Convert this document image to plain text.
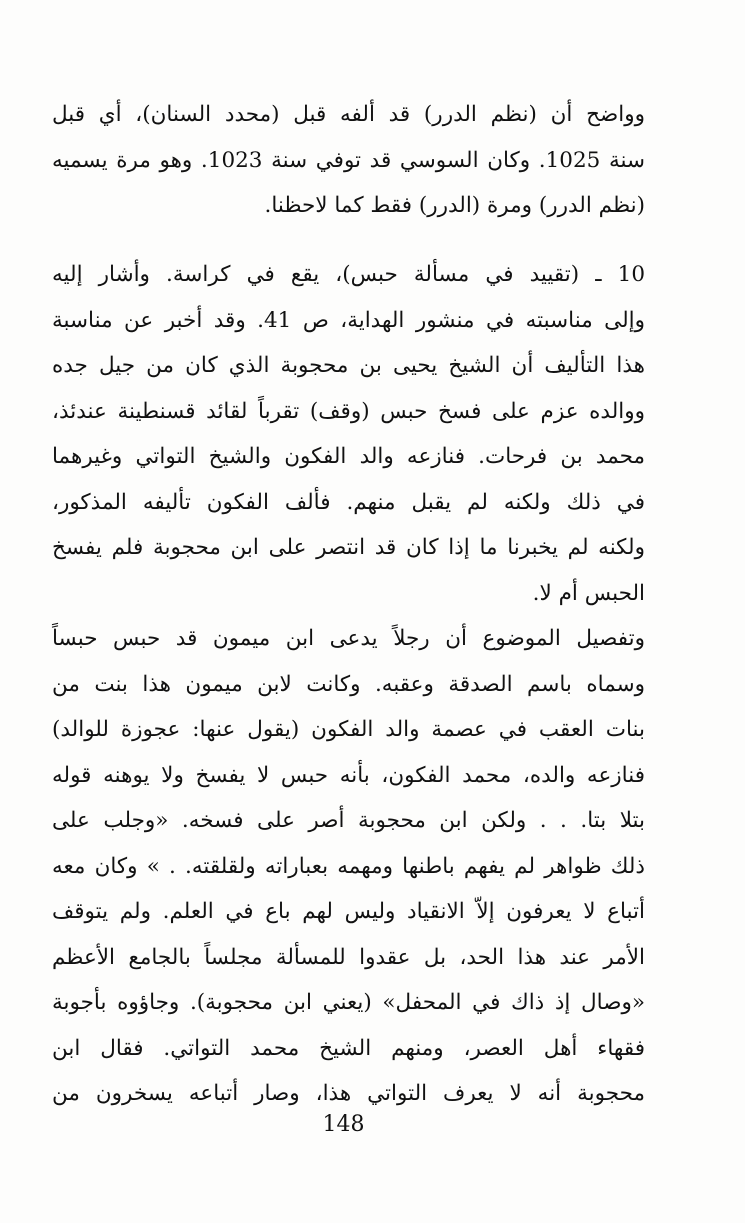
وواضح أن (نظم الدرر) قد ألفه قبل (محدد السنان)، أي قبل
سنة 1025. وكان السوسي قد توفي سنة 1023. وهو مرة يسميه
(نظم الدرر) ومرة (الدرر) فقط كما لاحظنا.
10 ـ (تقييد في مسألة حبس)، يقع في كراسة. وأشار إليه
وإلى مناسبته في منشور الهداية، ص 41. وقد أخبر عن مناسبة
هذا التأليف أن الشيخ يحيى بن محجوبة الذي كان من جيل جده
ووالده عزم على فسخ حبس (وقف) تقرباً لقائد قسنطينة عندئذ،
محمد بن فرحات. فنازعه والد الفكون والشيخ التواتي وغيرهما
في ذلك ولكنه لم يقبل منهم. فألف الفكون تأليفه المذكور،
ولكنه لم يخبرنا ما إذا كان قد انتصر على ابن محجوبة فلم يفسخ
الحبس أم لا.
وتفصيل الموضوع أن رجلاً يدعى ابن ميمون قد حبس حبساً
وسماه باسم الصدقة وعقبه. وكانت لابن ميمون هذا بنت من
بنات العقب في عصمة والد الفكون (يقول عنها: عجوزة للوالد)
فنازعه والده، محمد الفكون، بأنه حبس لا يفسخ ولا يوهنه قوله
بتلا بتا. . . ولكن ابن محجوبة أصر على فسخه. «وجلب على
ذلك ظواهر لم يفهم باطنها ومهمه بعباراته ولقلقته. . » وكان معه
أتباع لا يعرفون إلاّ الانقياد وليس لهم باع في العلم. ولم يتوقف
الأمر عند هذا الحد، بل عقدوا للمسألة مجلساً بالجامع الأعظم
«وصال إذ ذاك في المحفل» (يعني ابن محجوبة). وجاؤوه بأجوبة
فقهاء أهل العصر، ومنهم الشيخ محمد التواتي. فقال ابن
محجوبة أنه لا يعرف التواتي هذا، وصار أتباعه يسخرون من
148
